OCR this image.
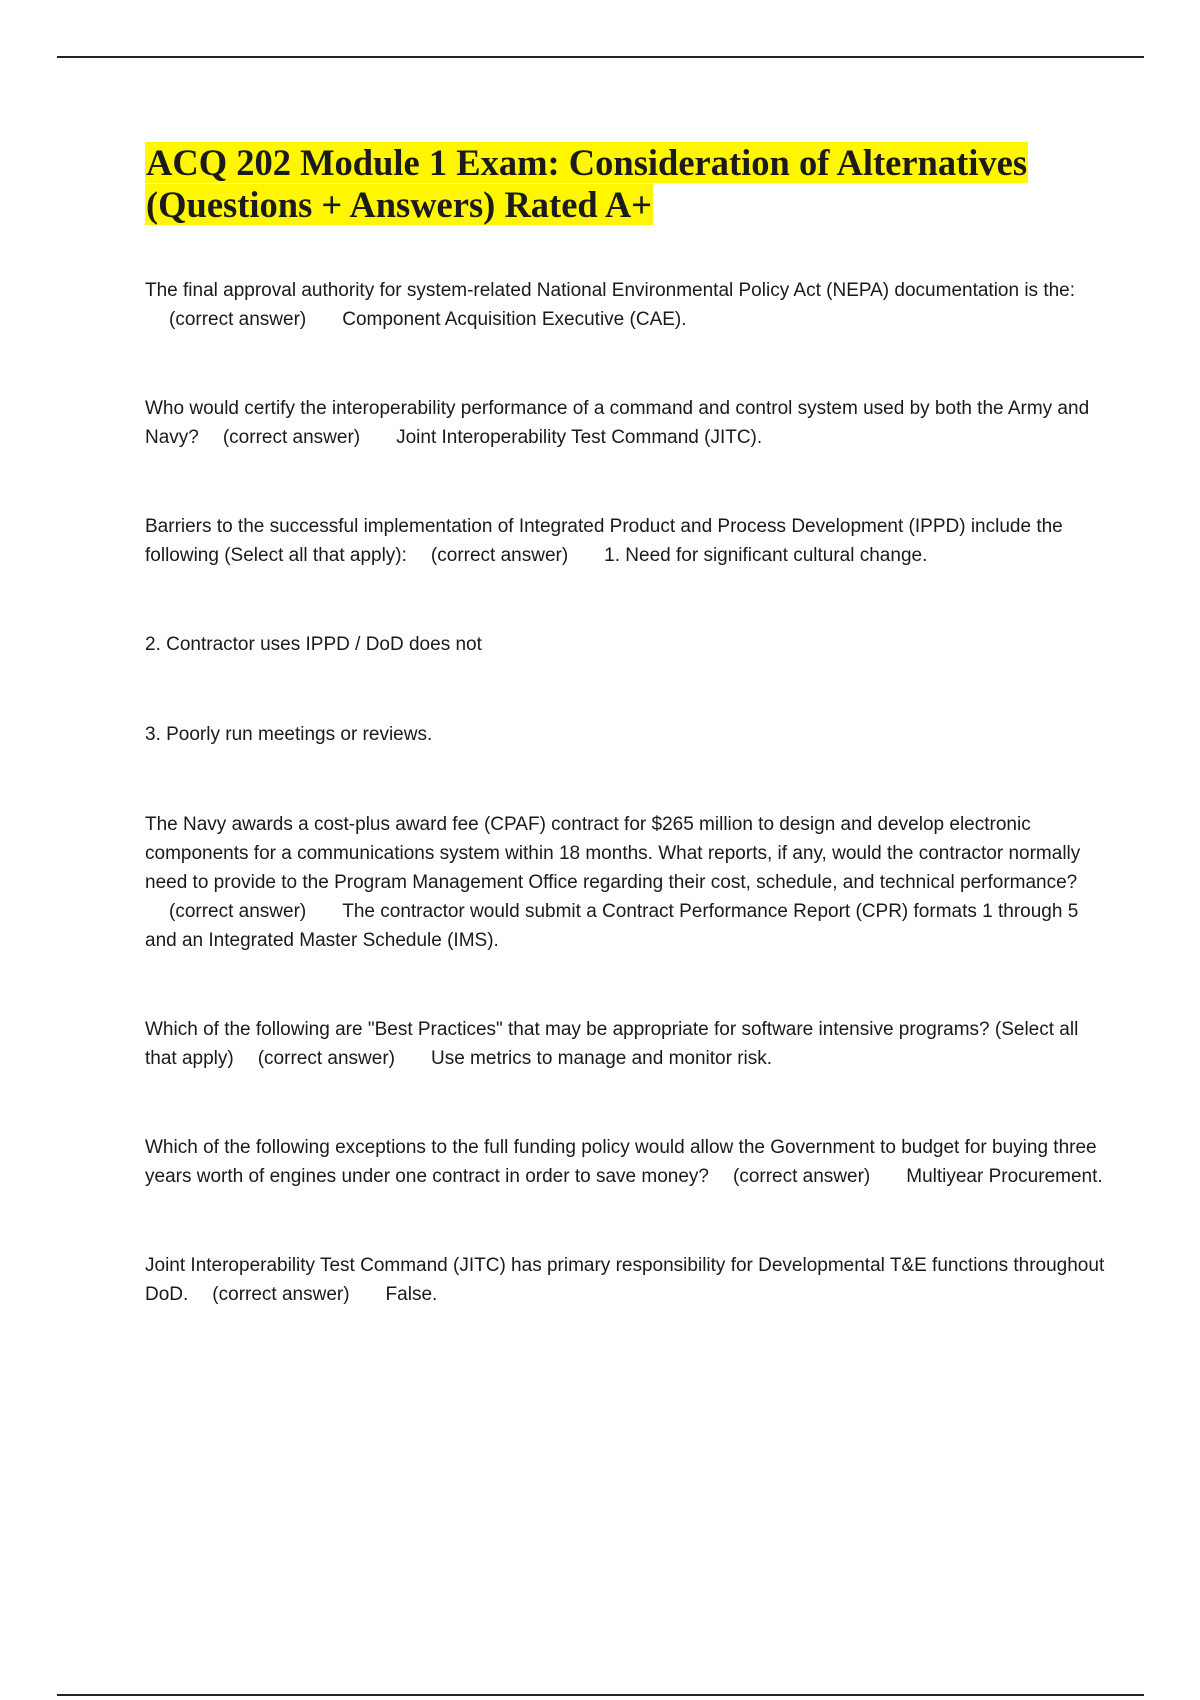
ACQ 202 Module 1 Exam: Consideration of Alternatives
(Questions + Answers) Rated A+

The final approval authority for system-related National Environmental Policy Act (NEPA) documentation is the:(correct answer) Component Acquisition Executive (CAE).

Who would certify the interoperability performance of a command and control system used by both the Army and Navy? (correct answer) Joint Interoperability Test Command (JITC).

Barriers to the successful implementation of Integrated Product and Process Development (IPPD) include the following (Select all that apply): (correct answer) 1. Need for significant cultural change.

2. Contractor uses IPPD / DoD does not

3. Poorly run meetings or reviews.

The Navy awards a cost-plus award fee (CPAF) contract for $265 million to design and develop electronic components for a communications system within 18 months. What reports, if any, would the contractor normally need to provide to the Program Management Office regarding their cost, schedule, and technical performance?(correct answer) The contractor would submit a Contract Performance Report (CPR) formats 1 through 5 and an Integrated Master Schedule (IMS).

Which of the following are "Best Practices" that may be appropriate for software intensive programs? (Select all that apply) (correct answer) Use metrics to manage and monitor risk.

Which of the following exceptions to the full funding policy would allow the Government to budget for buying three years worth of engines under one contract in order to save money? (correct answer) Multiyear Procurement.

Joint Interoperability Test Command (JITC) has primary responsibility for Developmental T&E functions throughout DoD. (correct answer) False.
